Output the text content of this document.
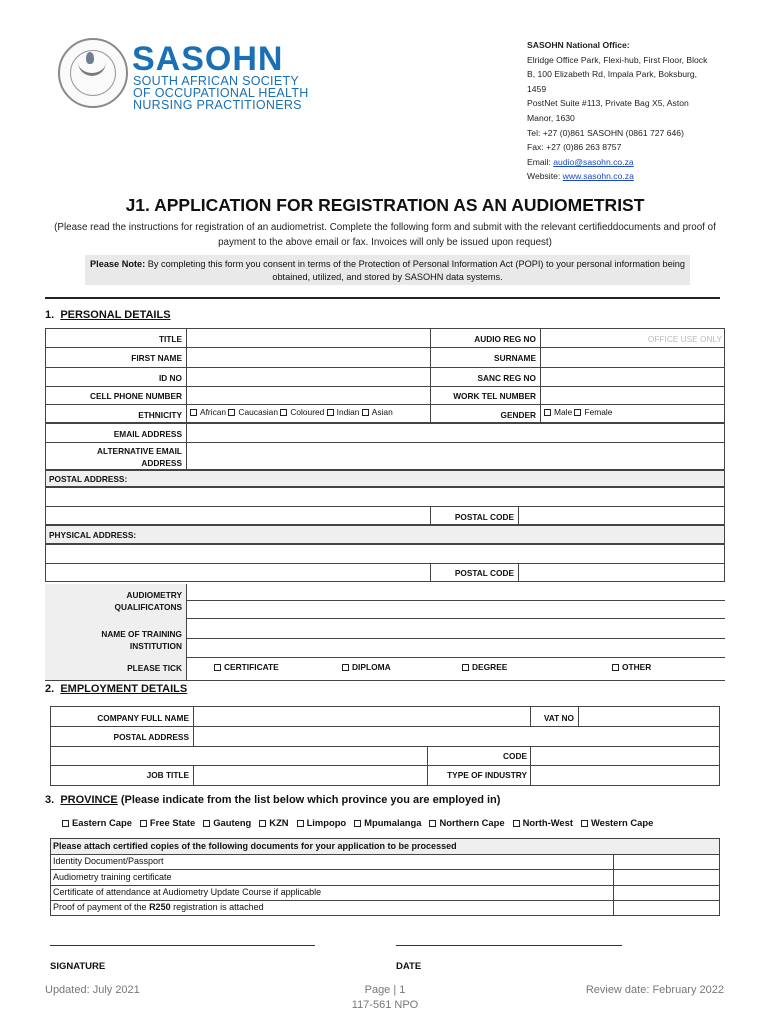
SASOHN
SOUTH AFRICAN SOCIETY
OF OCCUPATIONAL HEALTH
NURSING PRACTITIONERS
SASOHN National Office:
Elridge Office Park, Flexi-hub, First Floor, Block
B, 100 Elizabeth Rd, Impala Park, Boksburg,
1459
PostNet Suite #113, Private Bag X5, Aston
Manor, 1630
Tel: +27 (0)861 SASOHN (0861 727 646)
Fax: +27 (0)86 263 8757
Email: audio@sasohn.co.za
Website: www.sasohn.co.za
J1. APPLICATION FOR REGISTRATION AS AN AUDIOMETRIST
(Please read the instructions for registration of an audiometrist. Complete the following form and submit with the relevant certifieddocuments and proof of payment to the above email or fax. Invoices will only be issued upon request)
Please Note: By completing this form you consent in terms of the Protection of Personal Information Act (POPI) to your personal information being obtained, utilized, and stored by SASOHN data systems.
1. PERSONAL DETAILS
TITLE	AUDIO REG NO	OFFICE USE ONLY
FIRST NAME	SURNAME
ID NO	SANC REG NO
CELL PHONE NUMBER	WORK TEL NUMBER
ETHNICITY	African Caucasian Coloured Indian Asian	GENDER	Male Female
EMAIL ADDRESS
ALTERNATIVE EMAIL
ADDRESS
POSTAL ADDRESS:
POSTAL CODE
PHYSICAL ADDRESS:
POSTAL CODE
AUDIOMETRY
QUALIFICATONS
NAME OF TRAINING
INSTITUTION
PLEASE TICK	CERTIFICATE	DIPLOMA	DEGREE	OTHER
2. EMPLOYMENT DETAILS
COMPANY FULL NAME	VAT NO
POSTAL ADDRESS
CODE
JOB TITLE	TYPE OF INDUSTRY
3. PROVINCE (Please indicate from the list below which province you are employed in)
Eastern Cape	Free State	Gauteng	KZN	Limpopo	Mpumalanga	Northern Cape	North-West	Western Cape
Please attach certified copies of the following documents for your application to be processed
Identity Document/Passport
Audiometry training certificate
Certificate of attendance at Audiometry Update Course if applicable
Proof of payment of the R250 registration is attached
SIGNATURE	DATE
Updated: July 2021	Page | 1
117-561 NPO
Review date: February 2022
